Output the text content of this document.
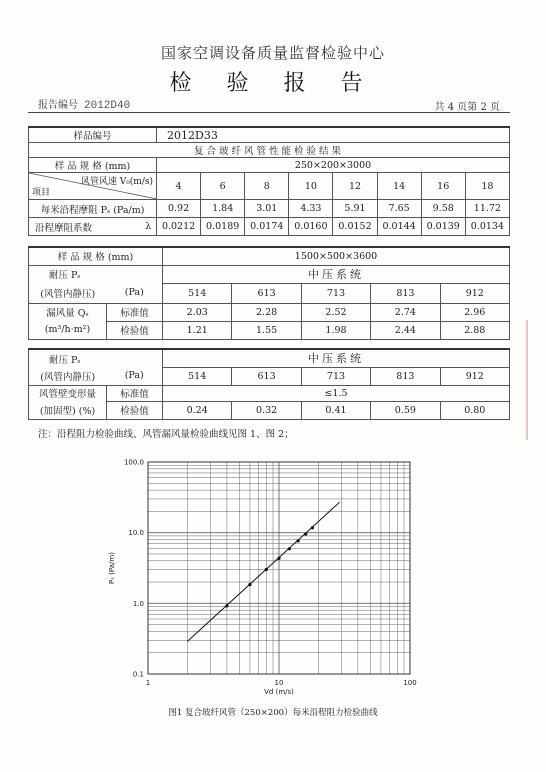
国家空调设备质量监督检验中心
检 验 报 告
报告编号 2012D40	共 4 页第 2 页
样品编号		2012D33							
复合玻纤风管性能检验结果									
样 品 规 格 (mm)		250×200×3000							

风管风速 V₀(m/s)
项目		4	6	8	10	12	14	16	18
每米沿程摩阻 Pₛ (Pa/m)		0.92	1.84	3.01	4.33	5.91	7.65	9.58	11.72
沿程摩阻系数	λ	0.0212	0.0189	0.0174	0.0160	0.0152	0.0144	0.0139	0.0134
样 品 规 格 (mm)		1500×500×3600				
耐压 Pₛ		中压系统				
(风管内静压)	(Pa)	514	613	713	813	912
漏风量 Qₛ	标准值	2.03	2.28	2.52	2.74	2.96
(m³/h·m²)	检验值	1.21	1.55	1.98	2.44	2.88
耐压 Pₛ		中压系统				
(风管内静压)	(Pa)	514	613	713	813	912
风管壁变形量	标准值	≤1.5				
(加固型) (%)	检验值	0.24	0.32	0.41	0.59	0.80
注：沿程阻力检验曲线、风管漏风量检验曲线见图 1、图 2；
1	10	100
100.0
10.0
1.0
0.1
Pₛ (Pa/m)
Vd (m/s)
图1 复合玻纤风管（250×200）每米沿程阻力检验曲线
